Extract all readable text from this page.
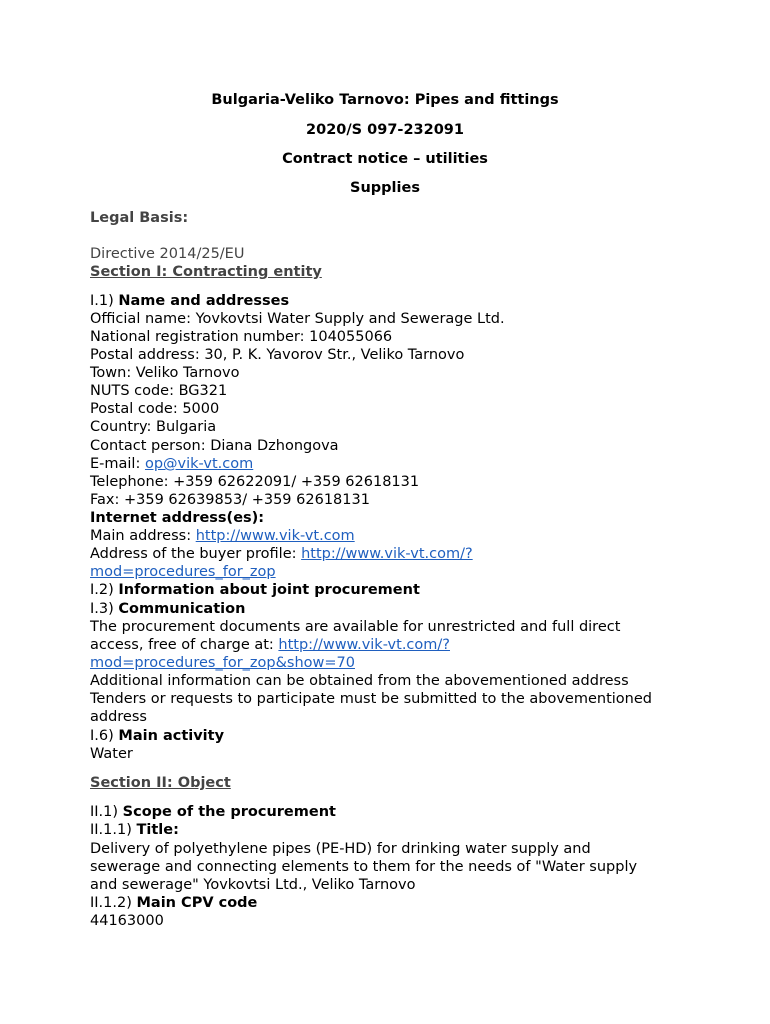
Bulgaria-Veliko Tarnovo: Pipes and fittings
2020/S 097-232091
Contract notice – utilities
Supplies
Legal Basis:
Directive 2014/25/EU
Section I: Contracting entity
I.1) Name and addresses
Official name: Yovkovtsi Water Supply and Sewerage Ltd.
National registration number: 104055066
Postal address: 30, P. K. Yavorov Str., Veliko Tarnovo
Town: Veliko Tarnovo
NUTS code: BG321
Postal code: 5000
Country: Bulgaria
Contact person: Diana Dzhongova
E-mail: op@vik-vt.com
Telephone: +359 62622091/ +359 62618131
Fax: +359 62639853/ +359 62618131
Internet address(es):
Main address: http://www.vik-vt.com
Address of the buyer profile: http://www.vik-vt.com/?
mod=procedures_for_zop
I.2) Information about joint procurement
I.3) Communication
The procurement documents are available for unrestricted and full direct
access, free of charge at: http://www.vik-vt.com/?
mod=procedures_for_zop&show=70
Additional information can be obtained from the abovementioned address
Tenders or requests to participate must be submitted to the abovementioned
address
I.6) Main activity
Water
Section II: Object
II.1) Scope of the procurement
II.1.1) Title:
Delivery of polyethylene pipes (PE-HD) for drinking water supply and
sewerage and connecting elements to them for the needs of "Water supply
and sewerage" Yovkovtsi Ltd., Veliko Tarnovo
II.1.2) Main CPV code
44163000
